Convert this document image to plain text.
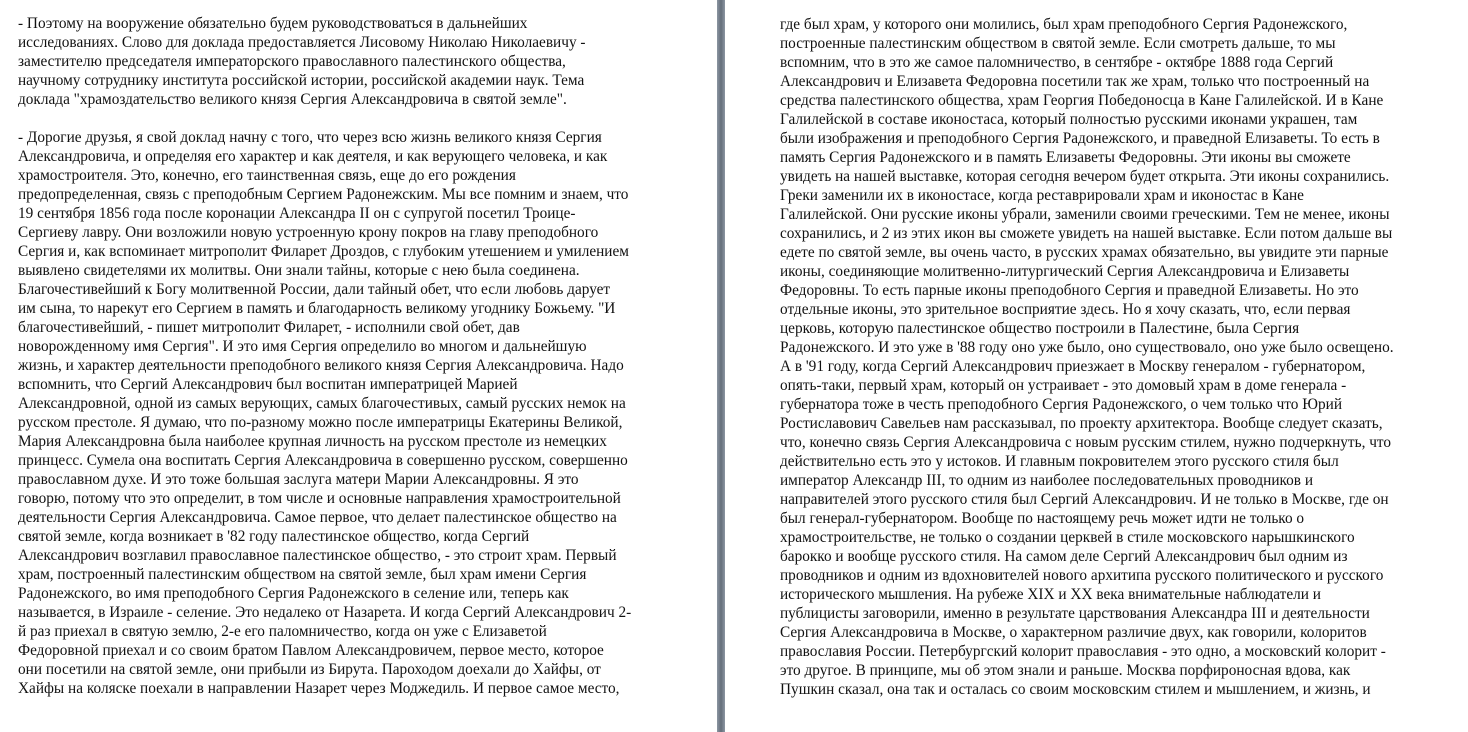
- Поэтому на вооружение обязательно будем руководствоваться в дальнейших

исследованиях. Слово для доклада предоставляется Лисовому Николаю Николаевичу -

заместителю председателя императорского православного палестинского общества,

научному сотруднику института российской истории, российской академии наук. Тема

доклада "храмоздательство великого князя Сергия Александровича в святой земле".

- Дорогие друзья, я свой доклад начну с того, что через всю жизнь великого князя Сергия

Александровича, и определяя его характер и как деятеля, и как верующего человека, и как

храмостроителя. Это, конечно, его таинственная связь, еще до его рождения

предопределенная, связь с преподобным Сергием Радонежским. Мы все помним и знаем, что

19 сентября 1856 года после коронации Александра II он с супругой посетил Троице-

Сергиеву лавру. Они возложили новую устроенную крону покров на главу преподобного

Сергия и, как вспоминает митрополит Филарет Дроздов, с глубоким утешением и умилением

выявлено свидетелями их молитвы. Они знали тайны, которые с нею была соединена.

Благочестивейший к Богу молитвенной России, дали тайный обет, что если любовь дарует

им сына, то нарекут его Сергием в память и благодарность великому угоднику Божьему. "И

благочестивейший, - пишет митрополит Филарет, - исполнили свой обет, дав

новорожденному имя Сергия". И это имя Сергия определило во многом и дальнейшую

жизнь, и характер деятельности преподобного великого князя Сергия Александровича. Надо

вспомнить, что Сергий Александрович был воспитан императрицей Марией

Александровной, одной из самых верующих, самых благочестивых, самый русских немок на

русском престоле. Я думаю, что по-разному можно после императрицы Екатерины Великой,

Мария Александровна была наиболее крупная личность на русском престоле из немецких

принцесс. Сумела она воспитать Сергия Александровича в совершенно русском, совершенно

православном духе. И это тоже большая заслуга матери Марии Александровны. Я это

говорю, потому что это определит, в том числе и основные направления храмостроительной

деятельности Сергия Александровича. Самое первое, что делает палестинское общество на

святой земле, когда возникает в '82 году палестинское общество, когда Сергий

Александрович возглавил православное палестинское общество, - это строит храм. Первый

храм, построенный палестинским обществом на святой земле, был храм имени Сергия

Радонежского, во имя преподобного Сергия Радонежского в селение или, теперь как

называется, в Израиле - селение. Это недалеко от Назарета. И когда Сергий Александрович 2-

й раз приехал в святую землю, 2-е его паломничество, когда он уже с Елизаветой

Федоровной приехал и со своим братом Павлом Александровичем, первое место, которое

они посетили на святой земле, они прибыли из Бирута. Пароходом доехали до Хайфы, от

Хайфы на коляске поехали в направлении Назарет через Моджедиль. И первое самое место,

где был храм, у которого они молились, был храм преподобного Сергия Радонежского,

построенные палестинским обществом в святой земле. Если смотреть дальше, то мы

вспомним, что в это же самое паломничество, в сентябре - октябре 1888 года Сергий

Александрович и Елизавета Федоровна посетили так же храм, только что построенный на

средства палестинского общества, храм Георгия Победоносца в Кане Галилейской. И в Кане

Галилейской в составе иконостаса, который полностью русскими иконами украшен, там

были изображения и преподобного Сергия Радонежского, и праведной Елизаветы. То есть в

память Сергия Радонежского и в память Елизаветы Федоровны. Эти иконы вы сможете

увидеть на нашей выставке, которая сегодня вечером будет открыта. Эти иконы сохранились.

Греки заменили их в иконостасе, когда реставрировали храм и иконостас в Кане

Галилейской. Они русские иконы убрали, заменили своими греческими. Тем не менее, иконы

сохранились, и 2 из этих икон вы сможете увидеть на нашей выставке. Если потом дальше вы

едете по святой земле, вы очень часто, в русских храмах обязательно, вы увидите эти парные

иконы, соединяющие молитвенно-литургический Сергия Александровича и Елизаветы

Федоровны. То есть парные иконы преподобного Сергия и праведной Елизаветы. Но это

отдельные иконы, это зрительное восприятие здесь. Но я хочу сказать, что, если первая

церковь, которую палестинское общество построили в Палестине, была Сергия

Радонежского. И это уже в '88 году оно уже было, оно существовало, оно уже было освещено.

А в '91 году, когда Сергий Александрович приезжает в Москву генералом - губернатором,

опять-таки, первый храм, который он устраивает - это домовый храм в доме генерала -

губернатора тоже в честь преподобного Сергия Радонежского, о чем только что Юрий

Ростиславович Савельев нам рассказывал, по проекту архитектора. Вообще следует сказать,

что, конечно связь Сергия Александровича с новым русским стилем, нужно подчеркнуть, что

действительно есть это у истоков. И главным покровителем этого русского стиля был

император Александр III, то одним из наиболее последовательных проводников и

направителей этого русского стиля был Сергий Александрович. И не только в Москве, где он

был генерал-губернатором. Вообще по настоящему речь может идти не только о

храмостроительстве, не только о создании церквей в стиле московского нарышкинского

барокко и вообще русского стиля. На самом деле Сергий Александрович был одним из

проводников и одним из вдохновителей нового архитипа русского политического и русского

исторического мышления. На рубеже XIX и XX века внимательные наблюдатели и

публицисты заговорили, именно в результате царствования Александра III и деятельности

Сергия Александровича в Москве, о характерном различие двух, как говорили, колоритов

православия России. Петербургский колорит православия - это одно, а московский колорит -

это другое. В принципе, мы об этом знали и раньше. Москва порфироносная вдова, как

Пушкин сказал, она так и осталась со своим московским стилем и мышлением, и жизнь, и
